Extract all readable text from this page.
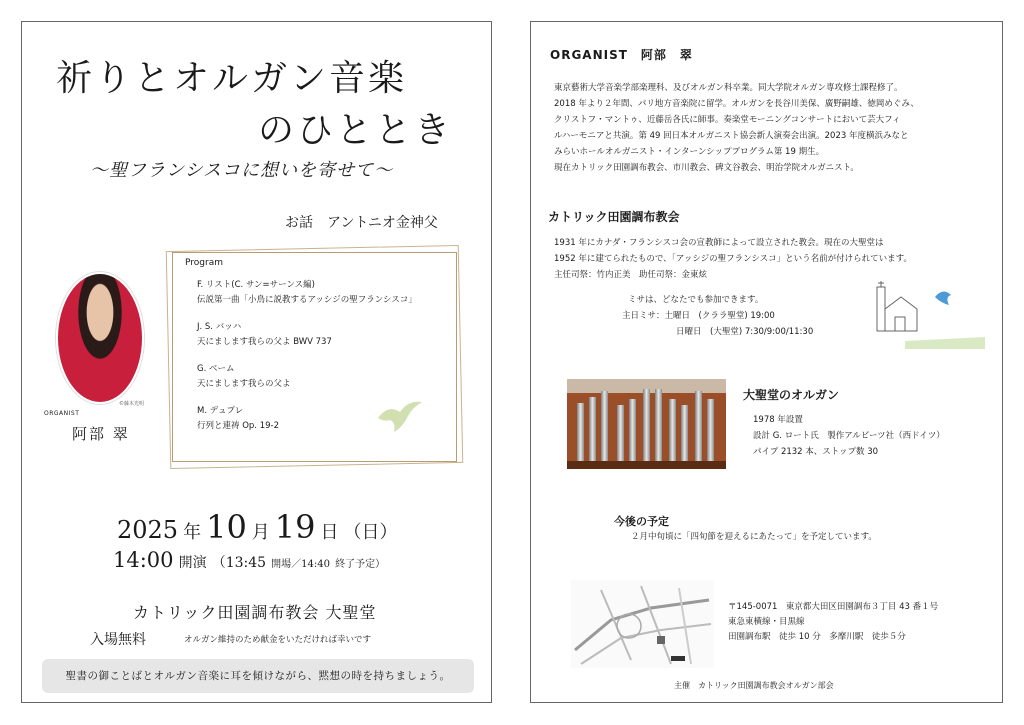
祈りとオルガン音楽
のひととき
～聖フランシスコに想いを寄せて～
お話　アントニオ金神父
©藤木光明
ORGANIST
阿部 翠
Program
F. リスト(C. サン=サーンス編)
伝説第一曲「小鳥に説教するアッシジの聖フランシスコ」
J. S. バッハ
天にまします我らの父よ BWV 737
G. ベーム
天にまします我らの父よ
M. デュプレ
行列と連祷 Op. 19-2
2025 年 10 月 19 日 （日）
14:00 開演 （13:45 開場／14:40 終了予定）
カトリック田園調布教会 大聖堂
入場無料	オルガン維持のため献金をいただければ幸いです
聖書の御ことばとオルガン音楽に耳を傾けながら、黙想の時を持ちましょう。
ORGANIST　阿部　翠
東京藝術大学音楽学部楽理科、及びオルガン科卒業。同大学院オルガン専攻修士課程修了。
2018 年より２年間、パリ地方音楽院に留学。オルガンを長谷川美保、廣野嗣雄、徳岡めぐみ、
クリストフ・マントゥ、近藤岳各氏に師事。奏楽堂モーニングコンサートにおいて芸大フィ
ルハーモニアと共演。第 49 回日本オルガニスト協会新人演奏会出演。2023 年度横浜みなと
みらいホールオルガニスト・インターンシッププログラム第 19 期生。
現在カトリック田園調布教会、市川教会、碑文谷教会、明治学院オルガニスト。
カトリック田園調布教会
1931 年にカナダ・フランシスコ会の宣教師によって設立された教会。現在の大聖堂は
1952 年に建てられたもので、「アッシジの聖フランシスコ」という名前が付けられています。
主任司祭：竹内正美　助任司祭：金東炫
ミサは、どなたでも参加できます。
主日ミサ：土曜日　(クララ聖堂) 19:00
日曜日　(大聖堂) 7:30/9:00/11:30
大聖堂のオルガン
1978 年設置
設計 G. ロート氏　製作アルビーツ社（西ドイツ）
パイプ 2132 本、ストップ数 30
今後の予定
２月中旬頃に「四旬節を迎えるにあたって」を予定しています。
〒145-0071　東京都大田区田園調布３丁目 43 番１号
東急東横線・目黒線
田園調布駅　徒歩 10 分　多摩川駅　徒歩５分
主催　カトリック田園調布教会オルガン部会
